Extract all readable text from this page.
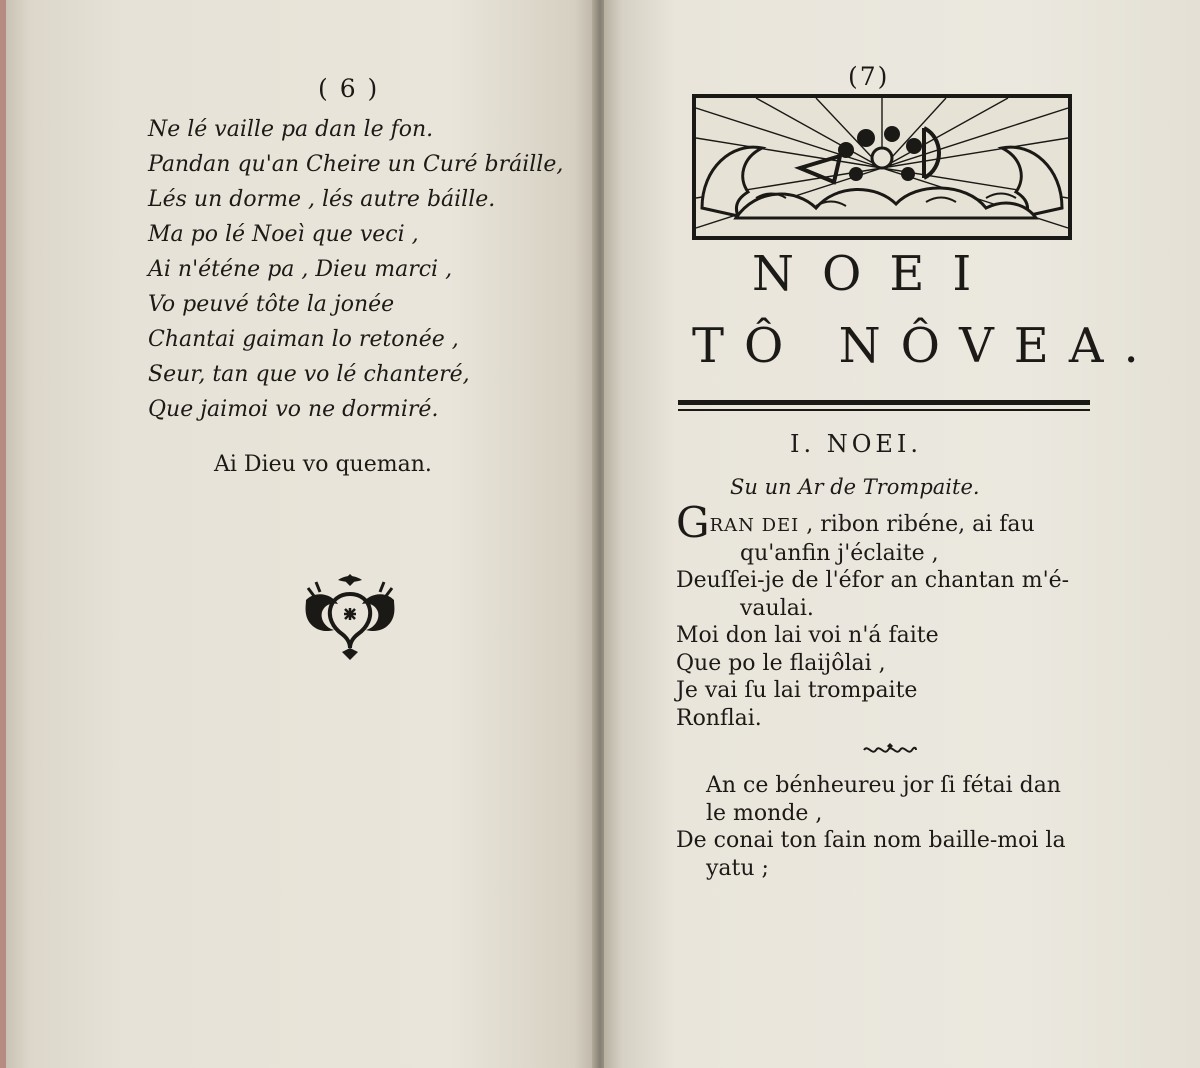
( 6 )
Ne lé vaille pa dan le fon.
Pandan qu'an Cheire un Curé bráille,
Lés un dorme , lés autre báille.
Ma po lé Noeì que veci ,
Ai n'éténe pa , Dieu marci ,
Vo peuvé tôte la jonée
Chantai gaiman lo retonée ,
Seur, tan que vo lé chanteré,
Que jaimoi vo ne dormiré.
Ai Dieu vo queman.
(7)
NOEI
TÔ NÔVEA.
I. NOEI.
Su un Ar de Trompaite.
GRAN DEI , ribon ribéne, ai fau
qu'anfin j'éclaite ,
Deuſſei-je de l'éfor an chantan m'é-
vaulai.
Moi don lai voi n'á faite
Que po le flaijôlai ,
Je vai ſu lai trompaite
Ronflai.
An ce bénheureu jor ſi fétai dan
le monde ,
De conai ton ſain nom baille-moi la
yatu ;
